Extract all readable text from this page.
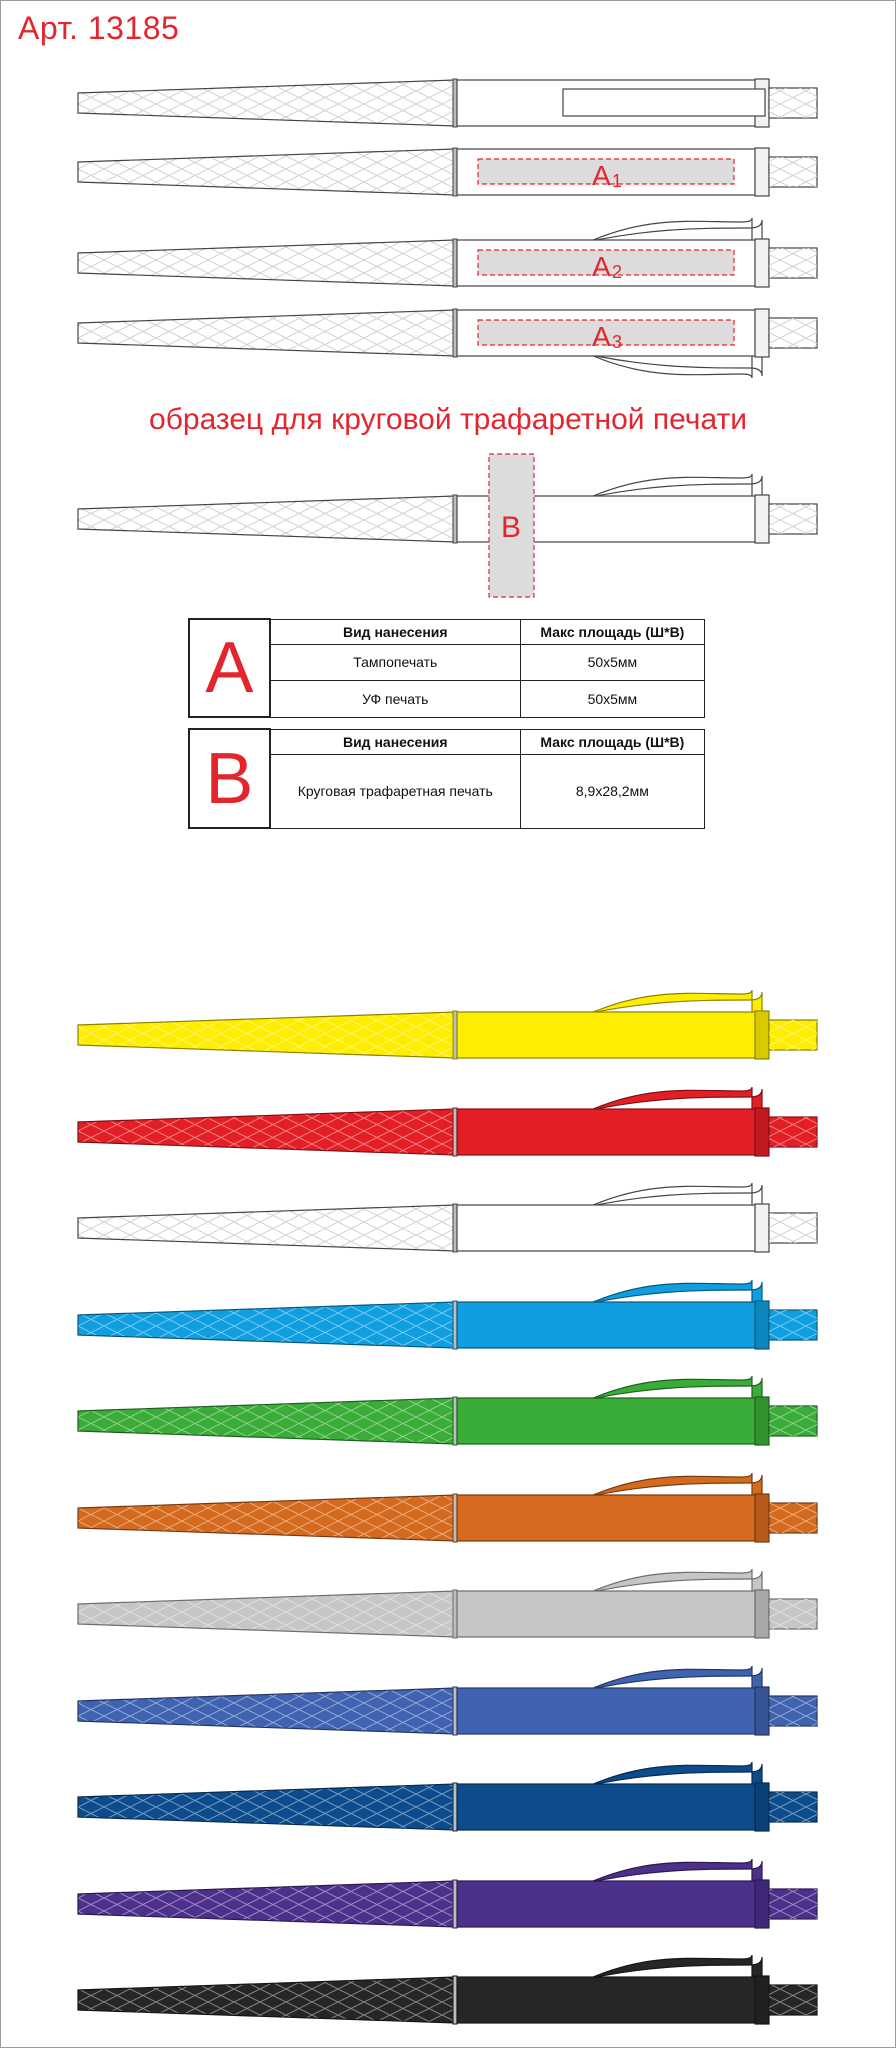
Арт. 13185
A 1
A 2
A 3
B
образец для круговой трафаретной печати
A	Вид нанесения	Макс площадь (Ш*В)
	Тампопечать	50x5мм
	УФ печать	50x5мм
B	Вид нанесения	Макс площадь (Ш*В)
	Круговая трафаретная печать	8,9x28,2мм
